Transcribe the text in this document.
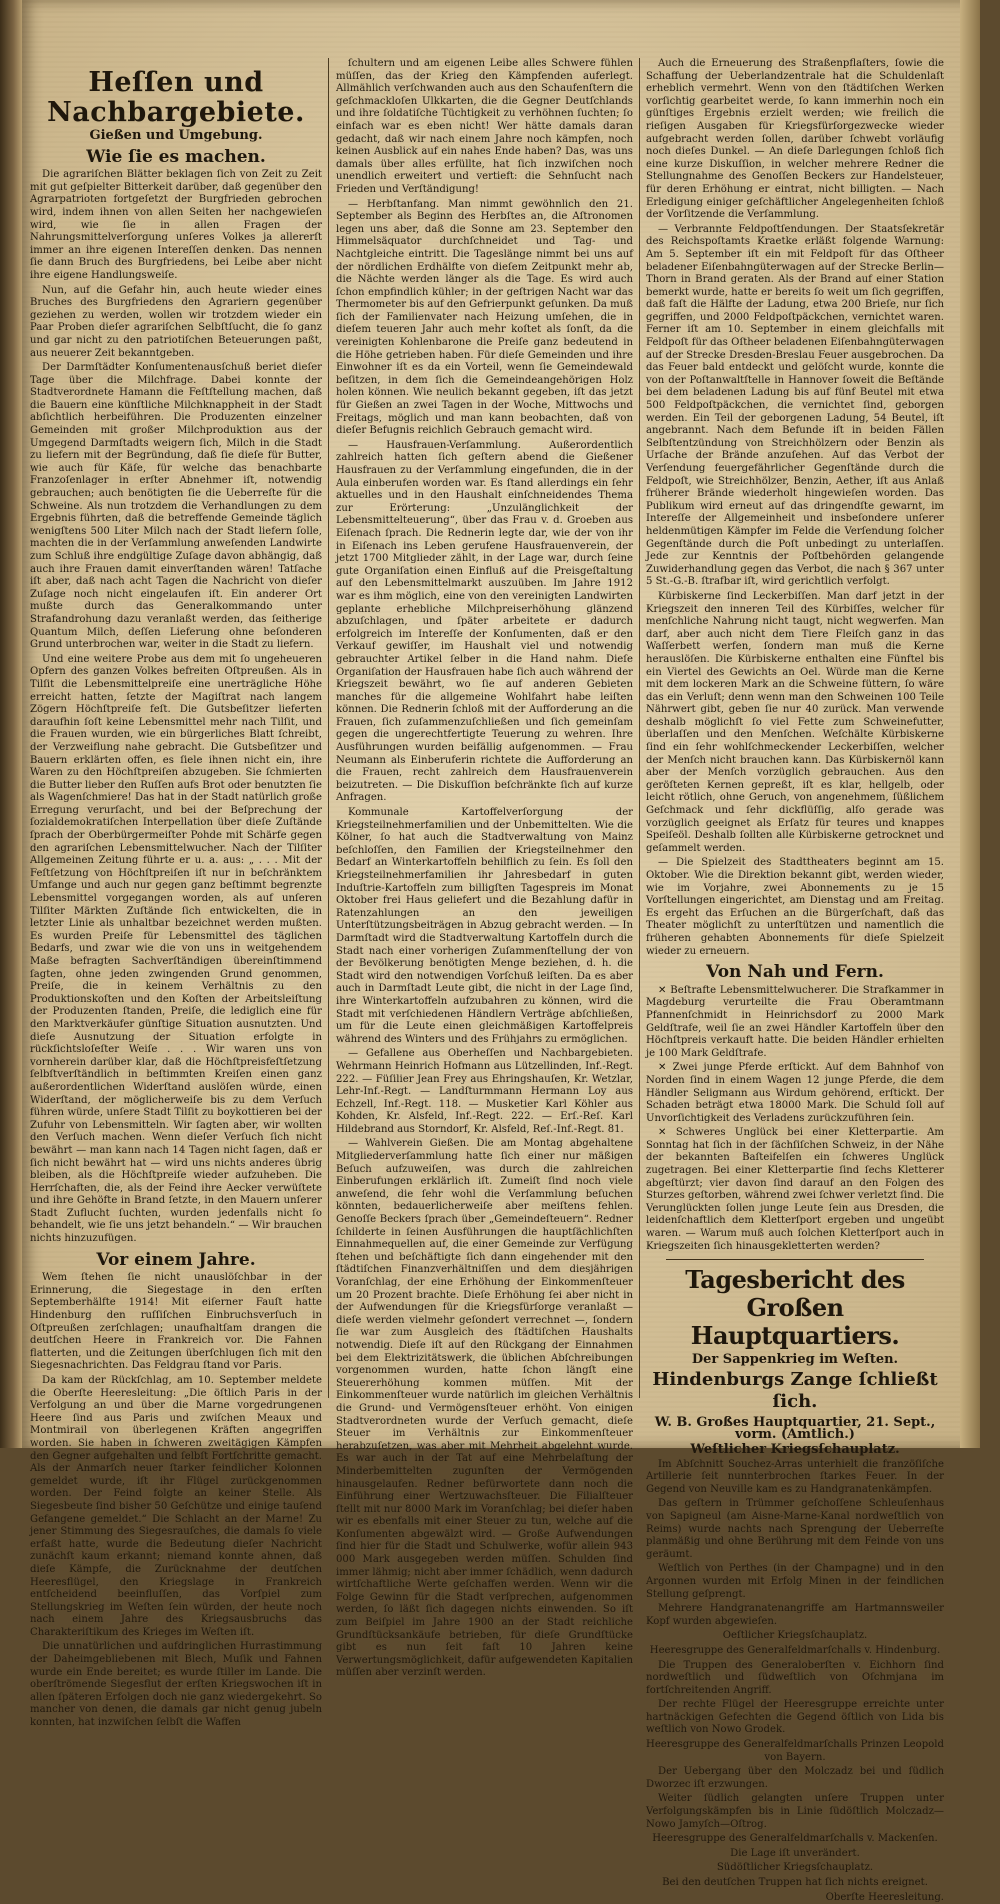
Heſſen und Nachbargebiete.
Gießen und Umgebung.
Wie ſie es machen.

Die agrariſchen Blätter beklagen ſich von Zeit zu Zeit mit gut geſpielter Bitterkeit darüber, daß gegenüber den Agrarpatrioten fortgeſetzt der Burgfrieden gebrochen wird, indem ihnen von allen Seiten her nachgewieſen wird, wie ſie in allen Fragen der Nahrungsmittelverſorgung unſeres Volkes ja allererſt immer an ihre eigenen Intereſſen denken. Das nennen ſie dann Bruch des Burgfriedens, bei Leibe aber nicht ihre eigene Handlungsweiſe.

Nun, auf die Gefahr hin, auch heute wieder eines Bruches des Burgfriedens den Agrariern gegenüber geziehen zu werden, wollen wir trotzdem wieder ein Paar Proben dieſer agrariſchen Selbſtſucht, die ſo ganz und gar nicht zu den patriotiſchen Beteuerungen paßt, aus neuerer Zeit bekanntgeben.

Der Darmſtädter Konſumentenausſchuß beriet dieſer Tage über die Milchfrage. Dabei konnte der Stadtverordnete Hamann die Feſtſtellung machen, daß die Bauern eine künſtliche Milchknappheit in der Stadt abſichtlich herbeiführen. Die Produzenten einzelner Gemeinden mit großer Milchproduktion aus der Umgegend Darmſtadts weigern ſich, Milch in die Stadt zu liefern mit der Begründung, daß ſie dieſe für Butter, wie auch für Käſe, für welche das benachbarte Franzoſenlager in erſter Abnehmer iſt, notwendig gebrauchen; auch benötigten ſie die Ueberreſte für die Schweine. Als nun trotzdem die Verhandlungen zu dem Ergebnis führten, daß die betreffende Gemeinde täglich wenigſtens 500 Liter Milch nach der Stadt liefern ſolle, machten die in der Verſammlung anweſenden Landwirte zum Schluß ihre endgültige Zuſage davon abhängig, daß auch ihre Frauen damit einverſtanden wären! Tatſache iſt aber, daß nach acht Tagen die Nachricht von dieſer Zuſage noch nicht eingelaufen iſt. Ein anderer Ort mußte durch das Generalkommando unter Strafandrohung dazu veranlaßt werden, das ſeitherige Quantum Milch, deſſen Lieferung ohne beſonderen Grund unterbrochen war, weiter in die Stadt zu liefern.

Und eine weitere Probe aus dem mit ſo ungeheueren Opfern des ganzen Volkes befreiten Oſtpreußen. Als in Tilſit die Lebensmittelpreiſe eine unerträgliche Höhe erreicht hatten, ſetzte der Magiſtrat nach langem Zögern Höchſtpreiſe feſt. Die Gutsbeſitzer lieferten daraufhin ſoſt keine Lebensmittel mehr nach Tilſit, und die Frauen wurden, wie ein bürgerliches Blatt ſchreibt, der Verzweiflung nahe gebracht. Die Gutsbeſitzer und Bauern erklärten offen, es ſiele ihnen nicht ein, ihre Waren zu den Höchſtpreiſen abzugeben. Sie ſchmierten die Butter lieber den Ruſſen aufs Brot oder benutzten ſie als Wagenſchmiere! Das hat in der Stadt natürlich große Erregung verurſacht, und bei der Beſprechung der ſozialdemokratiſchen Interpellation über dieſe Zuſtände ſprach der Oberbürgermeiſter Pohde mit Schärfe gegen den agrariſchen Lebensmittelwucher. Nach der Tilſiter Allgemeinen Zeitung führte er u. a. aus: „ . . . Mit der Feſtſetzung von Höchſtpreiſen iſt nur in beſchränktem Umfange und auch nur gegen ganz beſtimmt begrenzte Lebensmittel vorgegangen worden, als auf unſeren Tilſiter Märkten Zuſtände ſich entwickelten, die in letzter Linie als unhaltbar bezeichnet werden mußten. Es wurden Preiſe für Lebensmittel des täglichen Bedarfs, und zwar wie die von uns in weitgehendem Maße befragten Sachverſtändigen übereinſtimmend ſagten, ohne jeden zwingenden Grund genommen, Preiſe, die in keinem Verhältnis zu den Produktionskoſten und den Koſten der Arbeitsleiſtung der Produzenten ſtanden, Preiſe, die lediglich eine für den Marktverkäufer günſtige Situation ausnutzten. Und dieſe Ausnutzung der Situation erfolgte in rückſichtsloſeſter Weiſe . . . Wir waren uns von vornherein darüber klar, daß die Höchſtpreisfeſtſetzung ſelbſtverſtändlich in beſtimmten Kreiſen einen ganz außerordentlichen Widerſtand auslöſen würde, einen Widerſtand, der möglicherweiſe bis zu dem Verſuch führen würde, unſere Stadt Tilſit zu boykottieren bei der Zufuhr von Lebensmitteln. Wir ſagten aber, wir wollten den Verſuch machen. Wenn dieſer Verſuch ſich nicht bewährt — man kann nach 14 Tagen nicht ſagen, daß er ſich nicht bewährt hat — wird uns nichts anderes übrig bleiben, als die Höchſtpreiſe wieder aufzuheben. Die Herrſchaften, die, als der Feind ihre Aecker verwüſtete und ihre Gehöfte in Brand ſetzte, in den Mauern unſerer Stadt Zuflucht ſuchten, wurden jedenfalls nicht ſo behandelt, wie ſie uns jetzt behandeln.“ — Wir brauchen nichts hinzuzufügen.

Vor einem Jahre.

Wem ſtehen ſie nicht unauslöſchbar in der Erinnerung, die Siegestage in den erſten Septemberhälfte 1914! Mit eiſerner Fauſt hatte Hindenburg den ruſſiſchen Einbruchsverſuch in Oſtpreußen zerſchlagen; unaufhaltſam drangen die deutſchen Heere in Frankreich vor. Die Fahnen flatterten, und die Zeitungen überſchlugen ſich mit den Siegesnachrichten. Das Feldgrau ſtand vor Paris.

Da kam der Rückſchlag, am 10. September meldete die Oberſte Heeresleitung: „Die öſtlich Paris in der Verfolgung an und über die Marne vorgedrungenen Heere ſind aus Paris und zwiſchen Meaux und Montmirail von überlegenen Kräften angegriffen worden. Sie haben in ſchweren zweitägigen Kämpfen den Gegner aufgehalten und ſelbſt Fortſchritte gemacht. Als der Anmarſch neuer ſtarker feindlicher Kolonnen gemeldet wurde, iſt ihr Flügel zurückgenommen worden. Der Feind folgte an keiner Stelle. Als Siegesbeute ſind bisher 50 Geſchütze und einige tauſend Gefangene gemeldet.“ Die Schlacht an der Marne! Zu jener Stimmung des Siegesrauſches, die damals ſo viele erfaßt hatte, wurde die Bedeutung dieſer Nachricht zunächſt kaum erkannt; niemand konnte ahnen, daß dieſe Kämpfe, die Zurücknahme der deutſchen Heeresflügel, den Kriegslage in Frankreich entſcheidend beeinfluſſen, das Vorſpiel zum Stellungskrieg im Weſten ſein würden, der heute noch nach einem Jahre des Kriegsausbruchs das Charakteriſtikum des Krieges im Weſten iſt.

Die unnatürlichen und aufdringlichen Hurrastimmung der Daheimgebliebenen mit Blech, Muſik und Fahnen wurde ein Ende bereitet; es wurde ſtiller im Lande. Die oberſtrömende Siegesflut der erſten Kriegswochen iſt in allen ſpäteren Erfolgen doch nie ganz wiedergekehrt. So mancher von denen, die damals gar nicht genug jubeln konnten, hat inzwiſchen ſelbſt die Waffen

ſchultern und am eigenen Leibe alles Schwere fühlen müſſen, das der Krieg den Kämpfenden auferlegt. Allmählich verſchwanden auch aus den Schaufenſtern die geſchmackloſen Ulkkarten, die die Gegner Deutſchlands und ihre ſoldatiſche Tüchtigkeit zu verhöhnen ſuchten; ſo einfach war es eben nicht! Wer hätte damals daran gedacht, daß wir nach einem Jahre noch kämpfen, noch keinen Ausblick auf ein nahes Ende haben? Das, was uns damals über alles erfüllte, hat ſich inzwiſchen noch unendlich erweitert und vertieft: die Sehnſucht nach Frieden und Verſtändigung!

— Herbſtanfang. Man nimmt gewöhnlich den 21. September als Beginn des Herbſtes an, die Aſtronomen legen uns aber, daß die Sonne am 23. September den Himmelsäquator durchſchneidet und Tag- und Nachtgleiche eintritt. Die Tageslänge nimmt bei uns auf der nördlichen Erdhälfte von dieſem Zeitpunkt mehr ab, die Nächte werden länger als die Tage. Es wird auch ſchon empfindlich kühler; in der geſtrigen Nacht war das Thermometer bis auf den Gefrierpunkt geſunken. Da muß ſich der Familienvater nach Heizung umſehen, die in dieſem teueren Jahr auch mehr koſtet als ſonſt, da die vereinigten Kohlenbarone die Preiſe ganz bedeutend in die Höhe getrieben haben. Für dieſe Gemeinden und ihre Einwohner iſt es da ein Vorteil, wenn ſie Gemeindewald beſitzen, in dem ſich die Gemeindeangehörigen Holz holen können. Wie neulich bekannt gegeben, iſt das jetzt für Gießen an zwei Tagen in der Woche, Mittwochs und Freitags, möglich und man kann beobachten, daß von dieſer Befugnis reichlich Gebrauch gemacht wird.

— Hausfrauen-Verſammlung. Außerordentlich zahlreich hatten ſich geſtern abend die Gießener Hausfrauen zu der Verſammlung eingefunden, die in der Aula einberufen worden war. Es ſtand allerdings ein ſehr aktuelles und in den Haushalt einſchneidendes Thema zur Erörterung: „Unzulänglichkeit der Lebensmittelteuerung“, über das Frau v. d. Groeben aus Eiſenach ſprach. Die Rednerin legte dar, wie der von ihr in Eiſenach ins Leben gerufene Hausfrauenverein, der jetzt 1700 Mitglieder zählt, in der Lage war, durch ſeine gute Organiſation einen Einfluß auf die Preisgeſtaltung auf den Lebensmittelmarkt auszuüben. Im Jahre 1912 war es ihm möglich, eine von den vereinigten Landwirten geplante erhebliche Milchpreiserhöhung glänzend abzuſchlagen, und ſpäter arbeitete er dadurch erfolgreich im Intereſſe der Konſumenten, daß er den Verkauf gewiſſer, im Haushalt viel und notwendig gebrauchter Artikel ſelber in die Hand nahm. Dieſe Organiſation der Hausfrauen habe ſich auch während der Kriegszeit bewährt, wo ſie auf anderen Gebieten manches für die allgemeine Wohlfahrt habe leiſten können. Die Rednerin ſchloß mit der Aufforderung an die Frauen, ſich zuſammenzuſchließen und ſich gemeinſam gegen die ungerechtfertigte Teuerung zu wehren. Ihre Ausführungen wurden beifällig aufgenommen. — Frau Neumann als Einberuferin richtete die Aufforderung an die Frauen, recht zahlreich dem Hausfrauenverein beizutreten. — Die Diskuſſion beſchränkte ſich auf kurze Anfragen.

Kommunale Kartoffelverſorgung der Kriegsteilnehmerfamilien und der Unbemittelten. Wie die Kölner, ſo hat auch die Stadtverwaltung von Mainz beſchloſſen, den Familien der Kriegsteilnehmer den Bedarf an Winterkartoffeln behilflich zu ſein. Es ſoll den Kriegsteilnehmerfamilien ihr Jahresbedarf in guten Induſtrie-Kartoffeln zum billigſten Tagespreis im Monat Oktober frei Haus geliefert und die Bezahlung dafür in Ratenzahlungen an den jeweiligen Unterſtützungsbeiträgen in Abzug gebracht werden. — In Darmſtadt wird die Stadtverwaltung Kartoffeln durch die Stadt nach einer vorherigen Zuſammenſtellung der von der Bevölkerung benötigten Menge beziehen, d. h. die Stadt wird den notwendigen Vorſchuß leiſten. Da es aber auch in Darmſtadt Leute gibt, die nicht in der Lage ſind, ihre Winterkartoffeln aufzubahren zu können, wird die Stadt mit verſchiedenen Händlern Verträge abſchließen, um für die Leute einen gleichmäßigen Kartoffelpreis während des Winters und des Frühjahrs zu ermöglichen.

— Gefallene aus Oberheſſen und Nachbargebieten. Wehrmann Heinrich Hofmann aus Lützellinden, Inf.-Regt. 222. — Füſilier Jean Frey aus Ehringshauſen, Kr. Wetzlar, Lehr-Inf.-Regt. — Landſturmmann Hermann Loy aus Echzell, Inf.-Regt. 118. — Musketier Karl Köhler aus Kohden, Kr. Alsfeld, Inf.-Regt. 222. — Erſ.-Reſ. Karl Hildebrand aus Storndorf, Kr. Alsfeld, Reſ.-Inf.-Regt. 81.

— Wahlverein Gießen. Die am Montag abgehaltene Mitgliederverſammlung hatte ſich einer nur mäßigen Beſuch aufzuweiſen, was durch die zahlreichen Einberufungen erklärlich iſt. Zumeiſt ſind noch viele anweſend, die ſehr wohl die Verſammlung beſuchen könnten, bedauerlicherweiſe aber meiſtens fehlen. Genoſſe Beckers ſprach über „Gemeindeſteuern“. Redner ſchilderte in ſeinen Ausführungen die hauptſächlichſten Einnahmequellen auf, die einer Gemeinde zur Verfügung ſtehen und beſchäftigte ſich dann eingehender mit den ſtädtiſchen Finanzverhältniſſen und dem diesjährigen Voranſchlag, der eine Erhöhung der Einkommenſteuer um 20 Prozent brachte. Dieſe Erhöhung ſei aber nicht in der Aufwendungen für die Kriegsfürſorge veranlaßt — dieſe werden vielmehr geſondert verrechnet —, ſondern ſie war zum Ausgleich des ſtädtiſchen Haushalts notwendig. Dieſe iſt auf den Rückgang der Einnahmen bei dem Elektrizitätswerk, die üblichen Abſchreibungen vorgenommen wurden, hatte ſchon längſt eine Steuererhöhung kommen müſſen. Mit der Einkommenſteuer wurde natürlich im gleichen Verhältnis die Grund- und Vermögensſteuer erhöht. Von einigen Stadtverordneten wurde der Verſuch gemacht, dieſe Steuer im Verhältnis zur Einkommenſteuer herabzuſetzen, was aber mit Mehrheit abgelehnt wurde. Es war auch in der Tat auf eine Mehrbelaſtung der Minderbemittelten zugunſten der Vermögenden hinausgelaufen. Redner befürwortete dann noch die Einführung einer Wertzuwachsſteuer. Die Filialſteuer ſtellt mit nur 8000 Mark im Voranſchlag; bei dieſer haben wir es ebenfalls mit einer Steuer zu tun, welche auf die Konſumenten abgewälzt wird. — Große Aufwendungen ſind hier für die Stadt und Schulwerke, wofür allein 943 000 Mark ausgegeben werden müſſen. Schulden ſind immer lähmig; nicht aber immer ſchädlich, wenn dadurch wirtſchaftliche Werte geſchaffen werden. Wenn wir die Folge Gewinn für die Stadt verſprechen, aufgenommen werden, ſo läßt ſich dagegen nichts einwenden. So iſt zum Beiſpiel im Jahre 1900 an der Stadt reichliche Grundſtücksankäufe betrieben, für dieſe Grundſtücke gibt es nun ſeit faſt 10 Jahren keine Verwertungsmöglichkeit, dafür aufgewendeten Kapitalien müſſen aber verzinſt werden.

Auch die Erneuerung des Straßenpflaſters, ſowie die Schaffung der Ueberlandzentrale hat die Schuldenlaſt erheblich vermehrt. Wenn von den ſtädtiſchen Werken vorſichtig gearbeitet werde, ſo kann immerhin noch ein günſtiges Ergebnis erzielt werden; wie freilich die rieſigen Ausgaben für Kriegsfürſorgezwecke wieder aufgebracht werden ſollen, darüber ſchwebt vorläufig noch dieſes Dunkel. — An dieſe Darlegungen ſchloß ſich eine kurze Diskuſſion, in welcher mehrere Redner die Stellungnahme des Genoſſen Beckers zur Handelsteuer, für deren Erhöhung er eintrat, nicht billigten. — Nach Erledigung einiger geſchäftlicher Angelegenheiten ſchloß der Vorſitzende die Verſammlung.

— Verbrannte Feldpoſtſendungen. Der Staatsſekretär des Reichspoſtamts Kraetke erläßt folgende Warnung: Am 5. September iſt ein mit Feldpoſt für das Oſtheer beladener Eiſenbahngüterwagen auf der Strecke Berlin—Thorn in Brand geraten. Als der Brand auf einer Station bemerkt wurde, hatte er bereits ſo weit um ſich gegriffen, daß faſt die Hälfte der Ladung, etwa 200 Brieſe, nur ſich gegriffen, und 2000 Feldpoſtpäckchen, vernichtet waren. Ferner iſt am 10. September in einem gleichfalls mit Feldpoſt für das Oſtheer beladenen Eiſenbahngüterwagen auf der Strecke Dresden-Breslau Feuer ausgebrochen. Da das Feuer bald entdeckt und gelöſcht wurde, konnte die von der Poſtanwaltſtelle in Hannover ſoweit die Beſtände bei dem beladenen Ladung bis auf fünf Beutel mit etwa 500 Feldpoſtpäckchen, die vernichtet ſind, geborgen werden. Ein Teil der geborgenen Ladung, 54 Beutel, iſt angebrannt. Nach dem Befunde iſt in beiden Fällen Selbſtentzündung von Streichhölzern oder Benzin als Urſache der Brände anzuſehen. Auf das Verbot der Verſendung feuergefährlicher Gegenſtände durch die Feldpoſt, wie Streichhölzer, Benzin, Aether, iſt aus Anlaß früherer Brände wiederholt hingewieſen worden. Das Publikum wird erneut auf das dringendſte gewarnt, im Intereſſe der Allgemeinheit und insbeſondere unſerer heldenmütigen Kämpfer im Felde die Verſendung ſolcher Gegenſtände durch die Poſt unbedingt zu unterlaſſen. Jede zur Kenntnis der Poſtbehörden gelangende Zuwiderhandlung gegen das Verbot, die nach § 367 unter 5 St.-G.-B. ſtrafbar iſt, wird gerichtlich verfolgt.

Kürbiskerne ſind Leckerbiſſen. Man darf jetzt in der Kriegszeit den inneren Teil des Kürbiſſes, welcher für menſchliche Nahrung nicht taugt, nicht wegwerfen. Man darf, aber auch nicht dem Tiere Fleiſch ganz in das Waſſerbett werfen, ſondern man muß die Kerne herauslöſen. Die Kürbiskerne enthalten eine Fünftel bis ein Viertel des Gewichts an Oel. Würde man die Kerne mit dem lockeren Mark an die Schweine füttern, ſo wäre das ein Verluſt; denn wenn man den Schweinen 100 Teile Nährwert gibt, geben ſie nur 40 zurück. Man verwende deshalb möglichſt ſo viel Fette zum Schweinefutter, überlaſſen und den Menſchen. Weſchälte Kürbiskerne ſind ein ſehr wohlſchmeckender Leckerbiſſen, welcher der Menſch nicht brauchen kann. Das Kürbiskernöl kann aber der Menſch vorzüglich gebrauchen. Aus den geröſteten Kernen gepreßt, iſt es klar, hellgelb, oder leicht rötlich, ohne Geruch, von angenehmem, ſüßlichem Geſchmack und ſehr dickflüſſig, alſo gerade was vorzüglich geeignet als Erſatz für teures und knappes Speiſeöl. Deshalb ſollten alle Kürbiskerne getrocknet und geſammelt werden.

— Die Spielzeit des Stadttheaters beginnt am 15. Oktober. Wie die Direktion bekannt gibt, werden wieder, wie im Vorjahre, zwei Abonnements zu je 15 Vorſtellungen eingerichtet, am Dienstag und am Freitag. Es ergeht das Erſuchen an die Bürgerſchaft, daß das Theater möglichſt zu unterſtützen und namentlich die früheren gehabten Abonnements für dieſe Spielzeit wieder zu erneuern.

Von Nah und Fern.

✕ Beſtrafte Lebensmittelwucherer. Die Strafkammer in Magdeburg verurteilte die Frau Oberamtmann Pfannenſchmidt in Heinrichsdorf zu 2000 Mark Geldſtrafe, weil ſie an zwei Händler Kartoffeln über den Höchſtpreis verkauft hatte. Die beiden Händler erhielten je 100 Mark Geldſtrafe.

✕ Zwei junge Pferde erſtickt. Auf dem Bahnhof von Norden ſind in einem Wagen 12 junge Pferde, die dem Händler Seligmann aus Wirdum gehörend, erſtickt. Der Schaden beträgt etwa 18000 Mark. Die Schuld ſoll auf Unvorſichtigkeit des Verladens zurückzuführen ſein.

✕ Schweres Unglück bei einer Kletterpartie. Am Sonntag hat ſich in der ſächſiſchen Schweiz, in der Nähe der bekannten Baſteifelſen ein ſchweres Unglück zugetragen. Bei einer Kletterpartie ſind ſechs Kletterer abgeſtürzt; vier davon ſind darauf an den Folgen des Sturzes geſtorben, während zwei ſchwer verletzt ſind. Die Verunglückten ſollen junge Leute ſein aus Dresden, die leidenſchaftlich dem Kletterſport ergeben und ungeübt waren. — Warum muß auch ſolchen Kletterſport auch in Kriegszeiten ſich hinausgekletterten werden?

Tagesbericht des Großen Hauptquartiers.
Der Sappenkrieg im Weſten.
Hindenburgs Zange ſchließt ſich.
W. B. Großes Hauptquartier, 21. Sept., vorm. (Amtlich.)
Weſtlicher Kriegsſchauplatz.

Im Abſchnitt Souchez-Arras unterhielt die franzöſiſche Artillerie ſeit nunnterbrochen ſtarkes Feuer. In der Gegend von Neuville kam es zu Handgranatenkämpfen.

Das geſtern in Trümmer geſchoſſene Schleuſenhaus von Sapigneul (am Aisne-Marne-Kanal nordweſtlich von Reims) wurde nachts nach Sprengung der Ueberreſte planmäßig und ohne Berührung mit dem Feinde von uns geräumt.

Weſtlich von Perthes (in der Champagne) und in den Argonnen wurden mit Erfolg Minen in der feindlichen Stellung geſprengt.

Mehrere Handgranatenangriffe am Hartmannsweiler Kopf wurden abgewieſen.

Oeſtlicher Kriegsſchauplatz.

Heeresgruppe des Generalfeldmarſchalls v. Hindenburg.

Die Truppen des Generaloberſten v. Eichhorn ſind nordweſtlich und ſüdweſtlich von Oſchmjana im fortſchreitenden Angriff.

Der rechte Flügel der Heeresgruppe erreichte unter hartnäckigen Gefechten die Gegend öſtlich von Lida bis weſtlich von Nowo Grodek.

Heeresgruppe des Generalfeldmarſchalls Prinzen Leopold von Bayern.

Der Uebergang über den Molczadz bei und ſüdlich Dworzec iſt erzwungen.

Weiter ſüdlich gelangten unſere Truppen unter Verfolgungskämpfen bis in Linie ſüdöſtlich Molczadz—Nowo Jamyſch—Oſtrog.

Heeresgruppe des Generalfeldmarſchalls v. Mackenſen.

Die Lage iſt unverändert.

Südöſtlicher Kriegsſchauplatz.

Bei den deutſchen Truppen hat ſich nichts ereignet.

Oberſte Heeresleitung.
